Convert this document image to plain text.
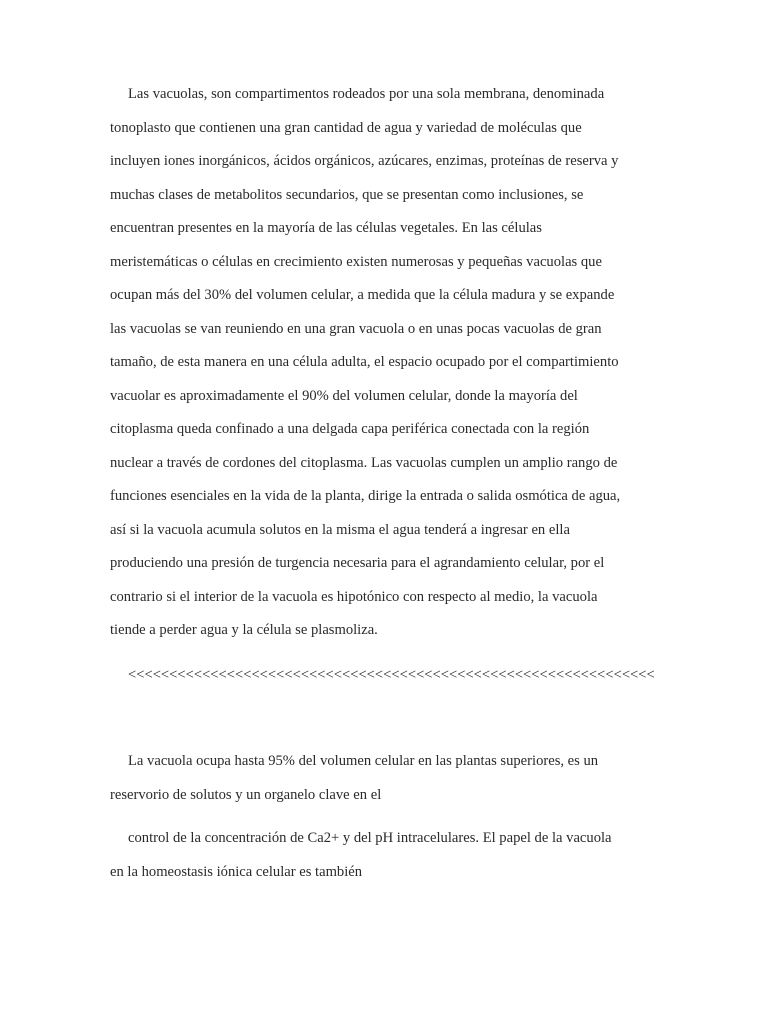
Las vacuolas, son compartimentos rodeados por una sola membrana, denominada
tonoplasto que contienen una gran cantidad de agua y variedad de moléculas que
incluyen iones inorgánicos, ácidos orgánicos, azúcares, enzimas, proteínas de reserva y
muchas clases de metabolitos secundarios, que se presentan como inclusiones, se
encuentran presentes en la mayoría de las células vegetales. En las células
meristemáticas o células en crecimiento existen numerosas y pequeñas vacuolas que
ocupan más del 30% del volumen celular, a medida que la célula madura y se expande
las vacuolas se van reuniendo en una gran vacuola o en unas pocas vacuolas de gran
tamaño, de esta manera en una célula adulta, el espacio ocupado por el compartimiento
vacuolar es aproximadamente el 90% del volumen celular, donde la mayoría del
citoplasma queda confinado a una delgada capa periférica conectada con la región
nuclear a través de cordones del citoplasma. Las vacuolas cumplen un amplio rango de
funciones esenciales en la vida de la planta, dirige la entrada o salida osmótica de agua,
así si la vacuola acumula solutos en la misma el agua tenderá a ingresar en ella
produciendo una presión de turgencia necesaria para el agrandamiento celular, por el
contrario si el interior de la vacuola es hipotónico con respecto al medio, la vacuola
tiende a perder agua y la célula se plasmoliza.
<<<<<<<<<<<<<<<<<<<<<<<<<<<<<<<<<<<<<<<<<<<<<<<<<<<<<<<<<<<<<<<<
La vacuola ocupa hasta 95% del volumen celular en las plantas superiores, es un
reservorio de solutos y un organelo clave en el
control de la concentración de Ca2+ y del pH intracelulares. El papel de la vacuola
en la homeostasis iónica celular es también
